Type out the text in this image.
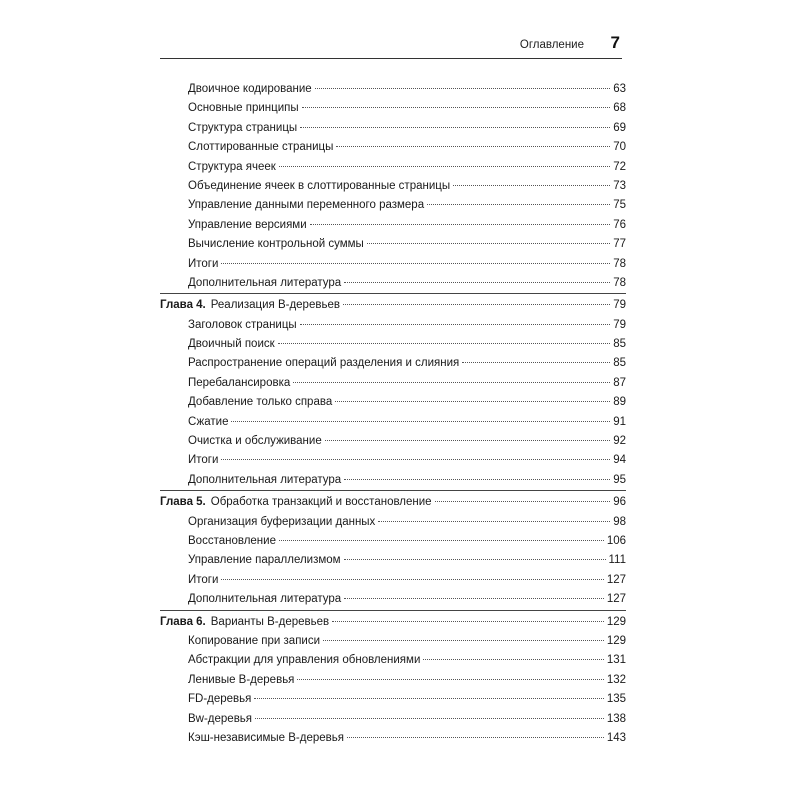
Оглавление 7
Двоичное кодирование	63
Основные принципы	68
Структура страницы	69
Слоттированные страницы	70
Структура ячеек	72
Объединение ячеек в слоттированные страницы	73
Управление данными переменного размера	75
Управление версиями	76
Вычисление контрольной суммы	77
Итоги	78
Дополнительная литература	78
Глава 4. Реализация B-деревьев	79
Заголовок страницы	79
Двоичный поиск	85
Распространение операций разделения и слияния	85
Перебалансировка	87
Добавление только справа	89
Сжатие	91
Очистка и обслуживание	92
Итоги	94
Дополнительная литература	95
Глава 5. Обработка транзакций и восстановление	96
Организация буферизации данных	98
Восстановление	106
Управление параллелизмом	111
Итоги	127
Дополнительная литература	127
Глава 6. Варианты B-деревьев	129
Копирование при записи	129
Абстракции для управления обновлениями	131
Ленивые B-деревья	132
FD-деревья	135
Bw-деревья	138
Кэш-независимые B-деревья	143
